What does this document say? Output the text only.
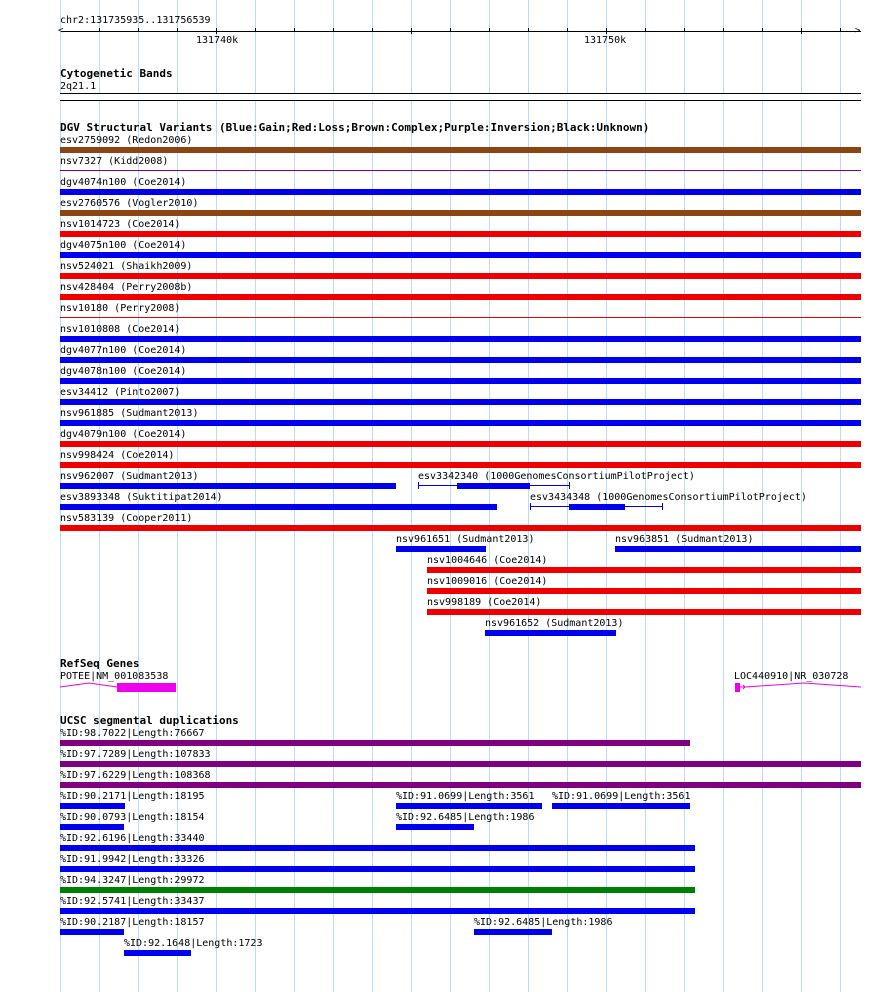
chr2:131735935..131756539
<	>
131740k	131750k
Cytogenetic Bands
2q21.1
DGV Structural Variants (Blue:Gain;Red:Loss;Brown:Complex;Purple:Inversion;Black:Unknown)
esv2759092 (Redon2006)
nsv7327 (Kidd2008)
dgv4074n100 (Coe2014)
esv2760576 (Vogler2010)
nsv1014723 (Coe2014)
dgv4075n100 (Coe2014)
nsv524021 (Shaikh2009)
nsv428404 (Perry2008b)
nsv10180 (Perry2008)
nsv1010808 (Coe2014)
dgv4077n100 (Coe2014)
dgv4078n100 (Coe2014)
esv34412 (Pinto2007)
nsv961885 (Sudmant2013)
dgv4079n100 (Coe2014)
nsv998424 (Coe2014)
nsv962007 (Sudmant2013)	esv3342340 (1000GenomesConsortiumPilotProject)
esv3893348 (Suktitipat2014)	esv3434348 (1000GenomesConsortiumPilotProject)
nsv583139 (Cooper2011)
nsv961651 (Sudmant2013)	nsv963851 (Sudmant2013)
nsv1004646 (Coe2014)
nsv1009016 (Coe2014)
nsv998189 (Coe2014)
nsv961652 (Sudmant2013)
RefSeq Genes
POTEE|NM_001083538	LOC440910|NR_030728
UCSC segmental duplications
%ID:98.7022|Length:76667
%ID:97.7289|Length:107833
%ID:97.6229|Length:108368
%ID:90.2171|Length:18195	%ID:91.0699|Length:3561 %ID:91.0699|Length:3561
%ID:90.0793|Length:18154	%ID:92.6485|Length:1986
%ID:92.6196|Length:33440
%ID:91.9942|Length:33326
%ID:94.3247|Length:29972
%ID:92.5741|Length:33437
%ID:90.2187|Length:18157	%ID:92.6485|Length:1986
%ID:92.1648|Length:1723
